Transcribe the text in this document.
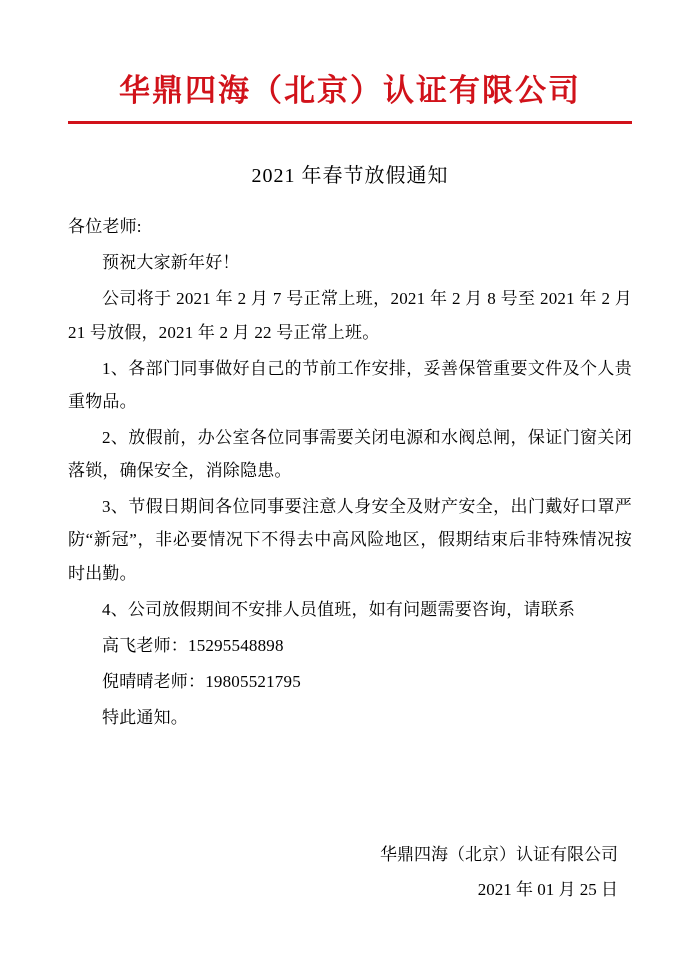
华鼎四海（北京）认证有限公司
2021 年春节放假通知

各位老师:

预祝大家新年好！

公司将于 2021 年 2 月 7 号正常上班，2021 年 2 月 8 号至 2021 年 2 月 21 号放假，2021 年 2 月 22 号正常上班。

1、各部门同事做好自己的节前工作安排，妥善保管重要文件及个人贵重物品。

2、放假前，办公室各位同事需要关闭电源和水阀总闸，保证门窗关闭落锁，确保安全，消除隐患。

3、节假日期间各位同事要注意人身安全及财产安全，出门戴好口罩严防“新冠”，非必要情况下不得去中高风险地区，假期结束后非特殊情况按时出勤。

4、公司放假期间不安排人员值班，如有问题需要咨询，请联系

高飞老师：15295548898

倪晴晴老师：19805521795

特此通知。

华鼎四海（北京）认证有限公司
2021 年 01 月 25 日
